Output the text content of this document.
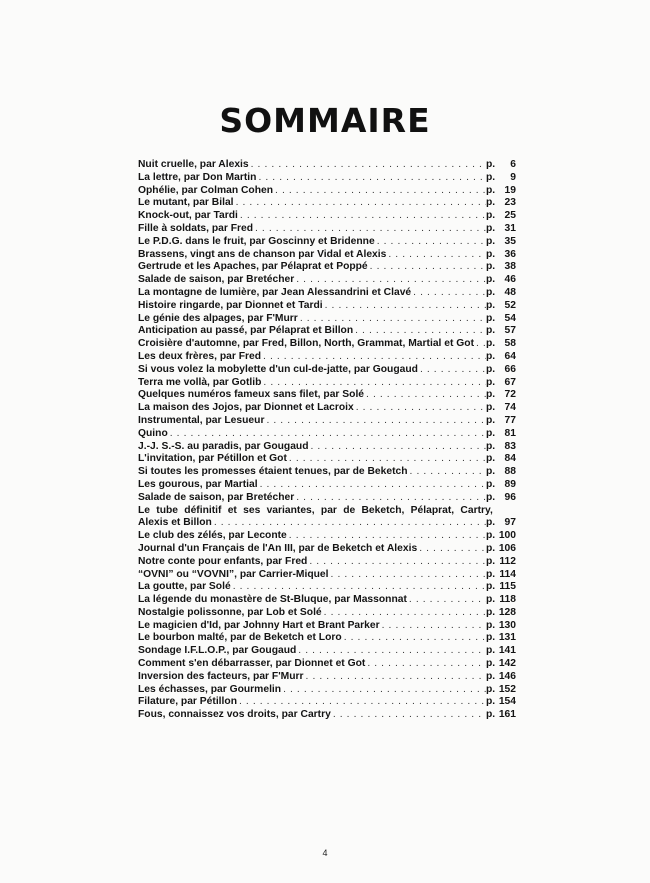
SOMMAIRE
Nuit cruelle, par Alexis . . .	p. 6
La lettre, par Don Martin . . .	p. 9
Ophélie, par Colman Cohen . . .	p. 19
Le mutant, par Bilal . . .	p. 23
Knock-out, par Tardi . . .	p. 25
Fille à soldats, par Fred . . .	p. 31
Le P.D.G. dans le fruit, par Goscinny et Bridenne . . .	p. 35
Brassens, vingt ans de chanson par Vidal et Alexis . . .	p. 36
Gertrude et les Apaches, par Pélaprat et Poppé . . .	p. 38
Salade de saison, par Bretécher . . .	p. 46
La montagne de lumière, par Jean Alessandrini et Clavé . . .	p. 48
Histoire ringarde, par Dionnet et Tardi . . .	p. 52
Le génie des alpages, par F'Murr . . .	p. 54
Anticipation au passé, par Pélaprat et Billon . . .	p. 57
Croisière d'automne, par Fred, Billon, North, Grammat, Martial et Got . . . p. 58
Les deux frères, par Fred . . .	p. 64
Si vous volez la mobylette d'un cul-de-jatte, par Gougaud . . .	p. 66
Terra me vollà, par Gotlib . . .	p. 67
Quelques numéros fameux sans filet, par Solé . . .	p. 72
La maison des Jojos, par Dionnet et Lacroix . . .	p. 74
Instrumental, par Lesueur . . .	p. 77
Quino . . .	p. 81
J.-J. S.-S. au paradis, par Gougaud . . .	p. 83
L'invitation, par Pétillon et Got . . .	p. 84
Si toutes les promesses étaient tenues, par de Beketch . . .	p. 88
Les gourous, par Martial . . .	p. 89
Salade de saison, par Bretécher . . .	p. 96
Le tube définitif et ses variantes, par de Beketch, Pélaprat, Cartry,
Alexis et Billon . . .	p. 97
Le club des zélés, par Leconte . . .	p. 100
Journal d'un Français de l'An III, par de Beketch et Alexis . . .	p. 106
Notre conte pour enfants, par Fred . . .	p. 112
“OVNI” ou “VOVNI”, par Carrier-Miquel . . .	p. 114
La goutte, par Solé . . .	p. 115
La légende du monastère de St-Bluque, par Massonnat . . .	p. 118
Nostalgie polissonne, par Lob et Solé . . .	p. 128
Le magicien d'Id, par Johnny Hart et Brant Parker . . .	p. 130
Le bourbon malté, par de Beketch et Loro . . .	p. 131
Sondage I.F.L.O.P., par Gougaud . . .	p. 141
Comment s'en débarrasser, par Dionnet et Got . . .	p. 142
Inversion des facteurs, par F'Murr . . .	p. 146
Les échasses, par Gourmelin . . .	p. 152
Filature, par Pétillon . . .	p. 154
Fous, connaissez vos droits, par Cartry . . .	p. 161
4
